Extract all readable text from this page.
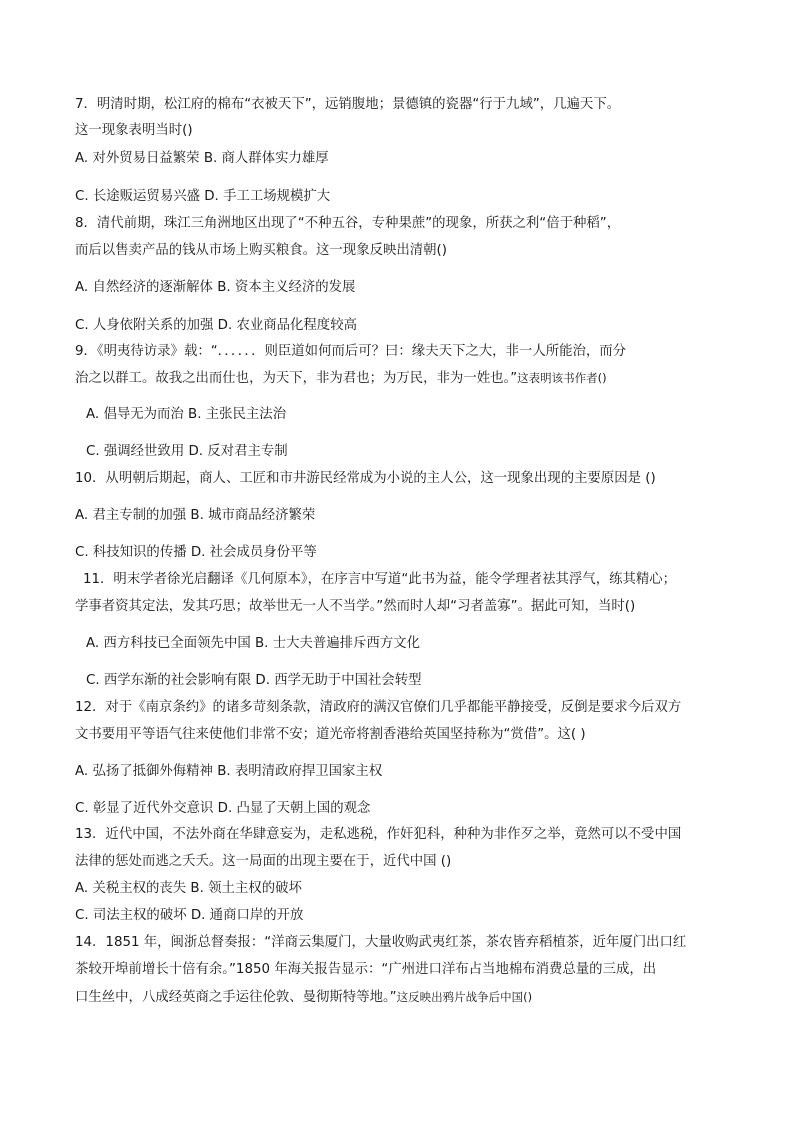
7．明清时期，松江府的棉布“衣被天下”，远销腹地；景德镇的瓷器“行于九域”，几遍天下。
这一现象表明当时()
A. 对外贸易日益繁荣 B. 商人群体实力雄厚
C. 长途贩运贸易兴盛 D. 手工工场规模扩大
8．清代前期，珠江三角洲地区出现了“不种五谷，专种果蔗”的现象，所获之利“倍于种稻”，
而后以售卖产品的钱从市场上购买粮食。这一现象反映出清朝()
A. 自然经济的逐渐解体 B. 资本主义经济的发展
C. 人身依附关系的加强 D. 农业商品化程度较高
9．《明夷待访录》载：“．．．．．．则臣道如何而后可？曰：缘夫天下之大，非一人所能治，而分
治之以群工。故我之出而仕也，为天下，非为君也；为万民，非为一姓也。”这表明该书作者()
A. 倡导无为而治 B. 主张民主法治
C. 强调经世致用 D. 反对君主专制
10．从明朝后期起，商人、工匠和市井游民经常成为小说的主人公，这一现象出现的主要原因是 ()
A. 君主专制的加强 B. 城市商品经济繁荣
C. 科技知识的传播 D. 社会成员身份平等
11．明末学者徐光启翻译《几何原本》，在序言中写道“此书为益，能令学理者祛其浮气，练其精心；
学事者资其定法，发其巧思；故举世无一人不当学。”然而时人却“习者盖寡”。据此可知，当时()
A. 西方科技已全面领先中国 B. 士大夫普遍排斥西方文化
C. 西学东渐的社会影响有限 D. 西学无助于中国社会转型
12．对于《南京条约》的诸多苛刻条款，清政府的满汉官僚们几乎都能平静接受，反倒是要求今后双方
文书要用平等语气往来使他们非常不安；道光帝将割香港给英国坚持称为“赏借”。这( )
A. 弘扬了抵御外侮精神 B. 表明清政府捍卫国家主权
C. 彰显了近代外交意识 D. 凸显了天朝上国的观念
13．近代中国，不法外商在华肆意妄为，走私逃税，作奸犯科，种种为非作歹之举，竟然可以不受中国
法律的惩处而逃之夭夭。这一局面的出现主要在于，近代中国 ()
A. 关税主权的丧失 B. 领土主权的破坏
C. 司法主权的破坏 D. 通商口岸的开放
14．1851 年，闽浙总督奏报：“洋商云集厦门，大量收购武夷红茶，茶农皆弃稻植茶，近年厦门出口红
茶较开埠前增长十倍有余。”1850 年海关报告显示：“广州进口洋布占当地棉布消费总量的三成，出
口生丝中，八成经英商之手运往伦敦、曼彻斯特等地。”这反映出鸦片战争后中国()
